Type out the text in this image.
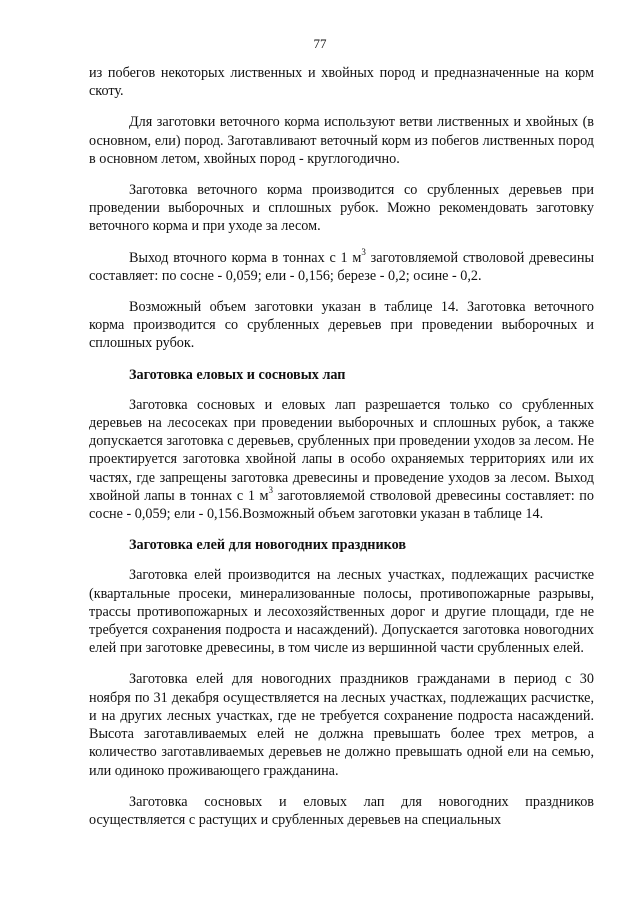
77

из побегов некоторых лиственных и хвойных пород и предназначенные на корм скоту.

Для заготовки веточного корма используют ветви лиственных и хвойных (в основном, ели) пород. Заготавливают веточный корм из побегов лиственных пород в основном летом, хвойных пород - круглогодично.

Заготовка веточного корма производится со срубленных деревьев при проведении выборочных и сплошных рубок. Можно рекомендовать заготовку веточного корма и при уходе за лесом.

Выход вточного корма в тоннах с 1 $м^3$ заготовляемой стволовой древесины составляет: по сосне - 0,059; ели - 0,156; березе - 0,2; осине - 0,2.

Возможный объем заготовки указан в таблице 14. Заготовка веточного корма производится со срубленных деревьев при проведении выборочных и сплошных рубок.

Заготовка еловых и сосновых лап

Заготовка сосновых и еловых лап разрешается только со срубленных деревьев на лесосеках при проведении выборочных и сплошных рубок, а также допускается заготовка с деревьев, срубленных при проведении уходов за лесом. Не проектируется заготовка хвойной лапы в особо охраняемых территориях или их частях, где запрещены заготовка древесины и проведение уходов за лесом. Выход хвойной лапы в тоннах с 1 $м^3$ заготовляемой стволовой древесины составляет: по сосне - 0,059; ели - 0,156.Возможный объем заготовки указан в таблице 14.

Заготовка елей для новогодних праздников

Заготовка елей производится на лесных участках, подлежащих расчистке (квартальные просеки, минерализованные полосы, противопожарные разрывы, трассы противопожарных и лесохозяйственных дорог и другие площади, где не требуется сохранения подроста и насаждений). Допускается заготовка новогодних елей при заготовке древесины, в том числе из вершинной части срубленных елей.

Заготовка елей для новогодних праздников гражданами в период с 30 ноября по 31 декабря осуществляется на лесных участках, подлежащих расчистке, и на других лесных участках, где не требуется сохранение подроста насаждений. Высота заготавливаемых елей не должна превышать более трех метров, а количество заготавливаемых деревьев не должно превышать одной ели на семью, или одиноко проживающего гражданина.

Заготовка сосновых и еловых лап для новогодних праздников осуществляется с растущих и срубленных деревьев на специальных
